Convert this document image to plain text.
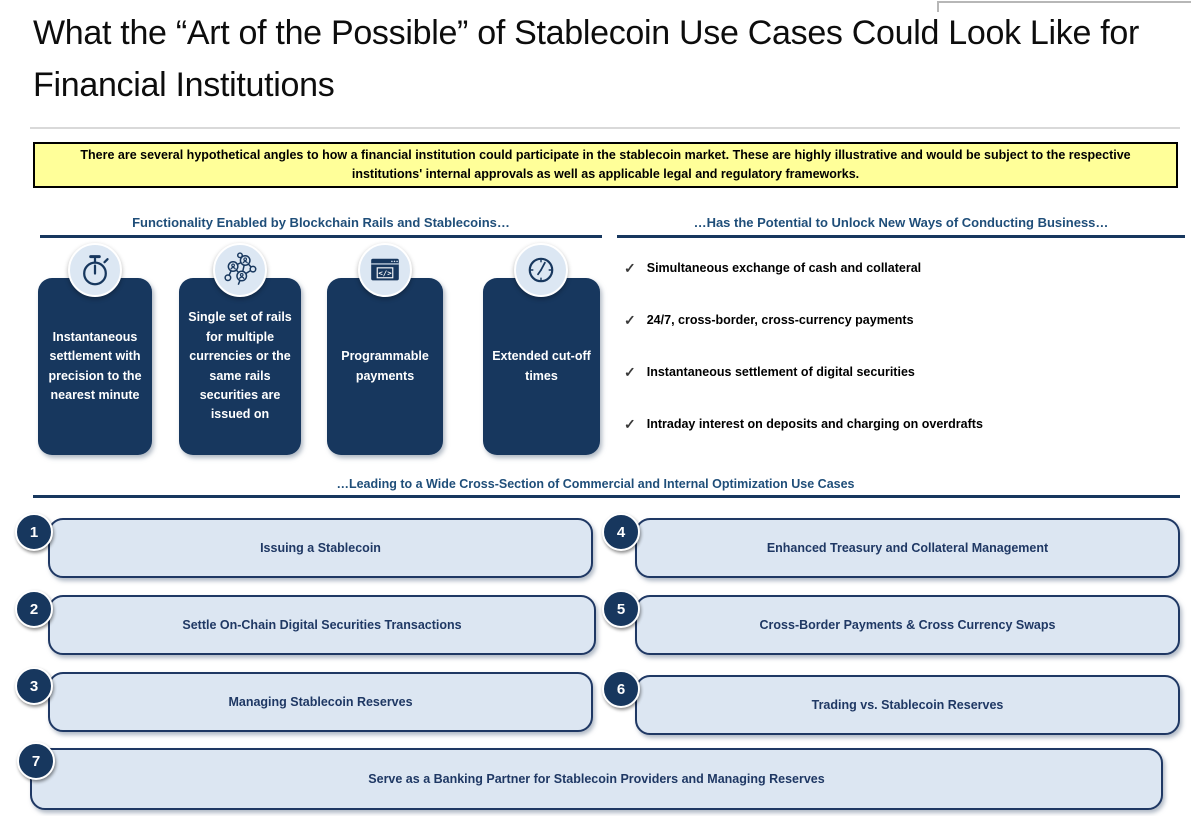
What the “Art of the Possible” of Stablecoin Use Cases Could Look Like for Financial Institutions
There are several hypothetical angles to how a financial institution could participate in the stablecoin market. These are highly illustrative and would be subject to the respective institutions' internal approvals as well as applicable legal and regulatory frameworks.
Functionality Enabled by Blockchain Rails and Stablecoins…	…Has the Potential to Unlock New Ways of Conducting Business…
</>
Instantaneous settlement with precision to the nearest minute
Single set of rails for multiple currencies or the same rails securities are issued on
Programmable payments
Extended cut-off times
✓ Simultaneous exchange of cash and collateral
✓ 24/7, cross-border, cross-currency payments
✓ Instantaneous settlement of digital securities
✓ Intraday interest on deposits and charging on overdrafts
…Leading to a Wide Cross-Section of Commercial and Internal Optimization Use Cases
1
Issuing a Stablecoin
2
Settle On-Chain Digital Securities Transactions
3
Managing Stablecoin Reserves
4
Enhanced Treasury and Collateral Management
5
Cross-Border Payments & Cross Currency Swaps
6
Trading vs. Stablecoin Reserves
7
Serve as a Banking Partner for Stablecoin Providers and Managing Reserves
